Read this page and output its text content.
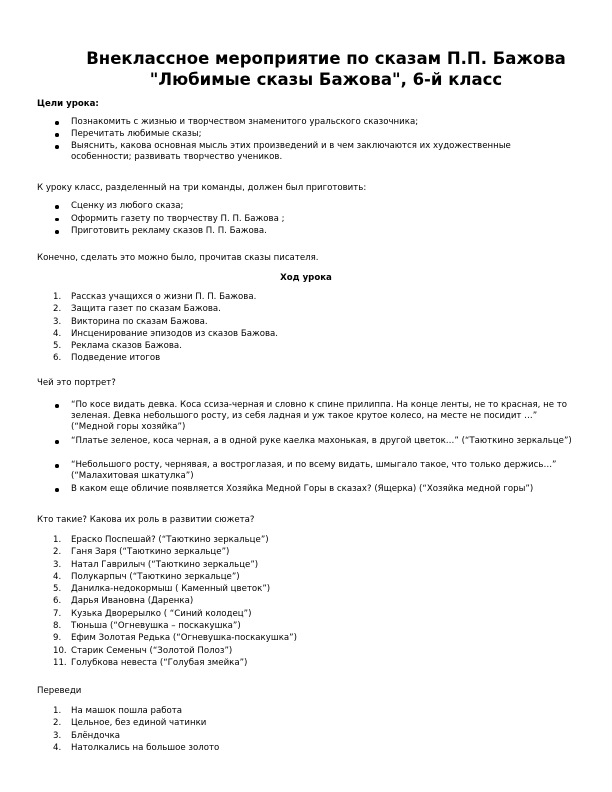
Внеклассное мероприятие по сказам П.П. Бажова
"Любимые сказы Бажова", 6-й класс
Цели урока:
Познакомить с жизнью и творчеством знаменитого уральского сказочника;
Перечитать любимые сказы;
Выяснить, какова основная мысль этих произведений и в чем заключаются их художественные особенности; развивать творчество учеников.
К уроку класс, разделенный на три команды, должен был приготовить:
Сценку из любого сказа;
Оформить газету по творчеству П. П. Бажова ;
Приготовить рекламу сказов П. П. Бажова.
Конечно, сделать это можно было, прочитав сказы писателя.
Ход урока
1.	Рассказ учащихся о жизни П. П. Бажова.
2.	Защита газет по сказам Бажова.
3.	Викторина по сказам Бажова.
4.	Инсценирование эпизодов из сказов Бажова.
5.	Реклама сказов Бажова.
6.	Подведение итогов
Чей это портрет?
“По косе видать девка. Коса ссиза-черная и словно к спине прилиппа. На конце ленты, не то красная, не то зеленая. Девка небольшого росту, из себя ладная и уж такое крутое колесо, на месте не посидит …” (“Медной горы хозяйка”)
“Платье зеленое, коса черная, а в одной руке каелка махонькая, в другой цветок…” (“Таюткино зеркальце”)
“Небольшого росту, чернявая, а востроглазая, и по всему видать, шмыгало такое, что только держись…” (“Малахитовая шкатулка”)
В каком еще обличие появляется Хозяйка Медной Горы в сказах? (Ящерка) (“Хозяйка медной горы”)
Кто такие? Какова их роль в развитии сюжета?
1.	Ераско Поспешай? (“Таюткино зеркальце”)
2.	Ганя Заря (“Таюткино зеркальце”)
3.	Натал Гаврилыч (“Таюткино зеркальце”)
4.	Полукарпыч (“Таюткино зеркальце”)
5.	Данилка-недокормыш ( Каменный цветок”)
6.	Дарья Ивановна (Даренка)
7.	Кузька Дворерылко ( “Синий колодец”)
8.	Тюньша (“Огневушка – поскакушка”)
9.	Ефим Золотая Редька (“Огневушка-поскакушка”)
10. Старик Семеныч (“Золотой Полоз”)
11. Голубкова невеста (“Голубая змейка”)
Переведи
1.	На машок пошла работа
2.	Цельное, без единой чатинки
3.	Блёндочка
4.	Натолкались на большое золото
